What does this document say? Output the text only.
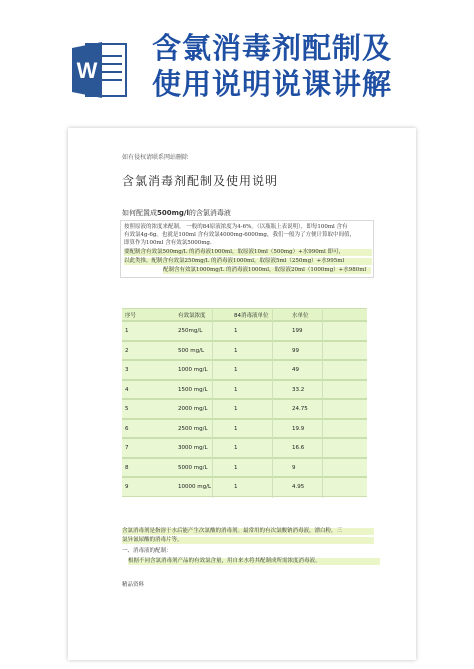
W
含氯消毒剂配制及
使用说明说课讲解
如有侵权请联系网站删除
含氯消毒剂配制及使用说明
如何配置成500mg/l的含氯消毒液
按照原液的浓度来配制。 一般的84原液浓度为4-6%。（以瓶瓶上表说明），即每100ml 含有
有效氯4g-6g。也就是100ml 含有效氯4000mg-6000mg，我们一般为了方便计算取中间值，
即算作为100ml 含有效氯5000mg.
要配制含有效氯500mg/L 的消毒液1000ml，取原液10ml（500mg）+水990ml 即可，
以此类推，配制含有效氯250mg/L 的消毒液1000ml，取原液5ml（250mg）+水995ml
配制含有效氯1000mg/L 的消毒液1000ml，取原液20ml（1000mg）+水980ml
序号	有效氯浓度	84消毒液单位	水单位
1	250mg/L	1	199
2	500 mg/L	1	99
3	1000 mg/L	1	49
4	1500 mg/L	1	33.2
5	2000 mg/L	1	24.75
6	2500 mg/L	1	19.9
7	3000 mg/L	1	16.6
8	5000 mg/L	1	9
9	10000 mg/L	1	4.95
含氯消毒剂是指溶于水后能产生次氯酸的消毒剂。最常用的有次氯酸钠消毒液，漂白粉，三
氯异氰尿酸的消毒片等。
一、消毒液的配制：
根据不同含氯消毒剂产品的有效氯含量，用自来水将其配制成所需浓度消毒液。
精品资料
